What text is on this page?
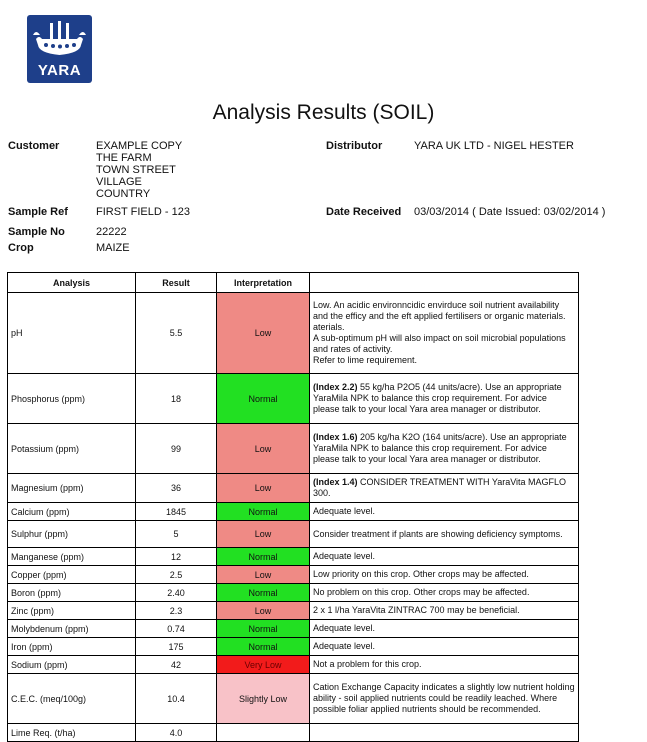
YARA
Analysis Results (SOIL)
Customer	EXAMPLE COPY
THE FARM
TOWN STREET
VILLAGE
COUNTRY
Distributor	YARA UK LTD - NIGEL HESTER
Sample Ref	FIRST FIELD - 123	Date Received 03/03/2014 ( Date Issued: 03/02/2014 )
Sample No	22222
Crop	MAIZE
Analysis	Result	Interpretation	
pH	5.5	Low	Low. An acidic environncidic envirduce soil nutrient availability and the efficy and the eft applied fertilisers or organic materials. aterials.
A sub-optimum pH will also impact on soil microbial populations and rates of activity.
Refer to lime requirement.
Phosphorus (ppm)	18	Normal	(Index 2.2) 55 kg/ha P2O5 (44 units/acre). Use an appropriate YaraMila NPK to balance this crop requirement. For advice please talk to your local Yara area manager or distributor.
Potassium (ppm)	99	Low	(Index 1.6) 205 kg/ha K2O (164 units/acre). Use an appropriate YaraMila NPK to balance this crop requirement. For advice please talk to your local Yara area manager or distributor.
Magnesium (ppm)	36	Low	(Index 1.4) CONSIDER TREATMENT WITH YaraVita MAGFLO 300.
Calcium (ppm)	1845	Normal	Adequate level.
Sulphur (ppm)	5	Low	Consider treatment if plants are showing deficiency symptoms.
Manganese (ppm)	12	Normal	Adequate level.
Copper (ppm)	2.5	Low	Low priority on this crop. Other crops may be affected.
Boron (ppm)	2.40	Normal	No problem on this crop. Other crops may be affected.
Zinc (ppm)	2.3	Low	2 x 1 l/ha YaraVita ZINTRAC 700 may be beneficial.
Molybdenum (ppm)	0.74	Normal	Adequate level.
Iron (ppm)	175	Normal	Adequate level.
Sodium (ppm)	42	Very Low	Not a problem for this crop.
C.E.C. (meq/100g)	10.4	Slightly Low	Cation Exchange Capacity indicates a slightly low nutrient holding ability - soil applied nutrients could be readily leached. Where possible foliar applied nutrients should be recommended.
Lime Req. (t/ha)	4.0		
